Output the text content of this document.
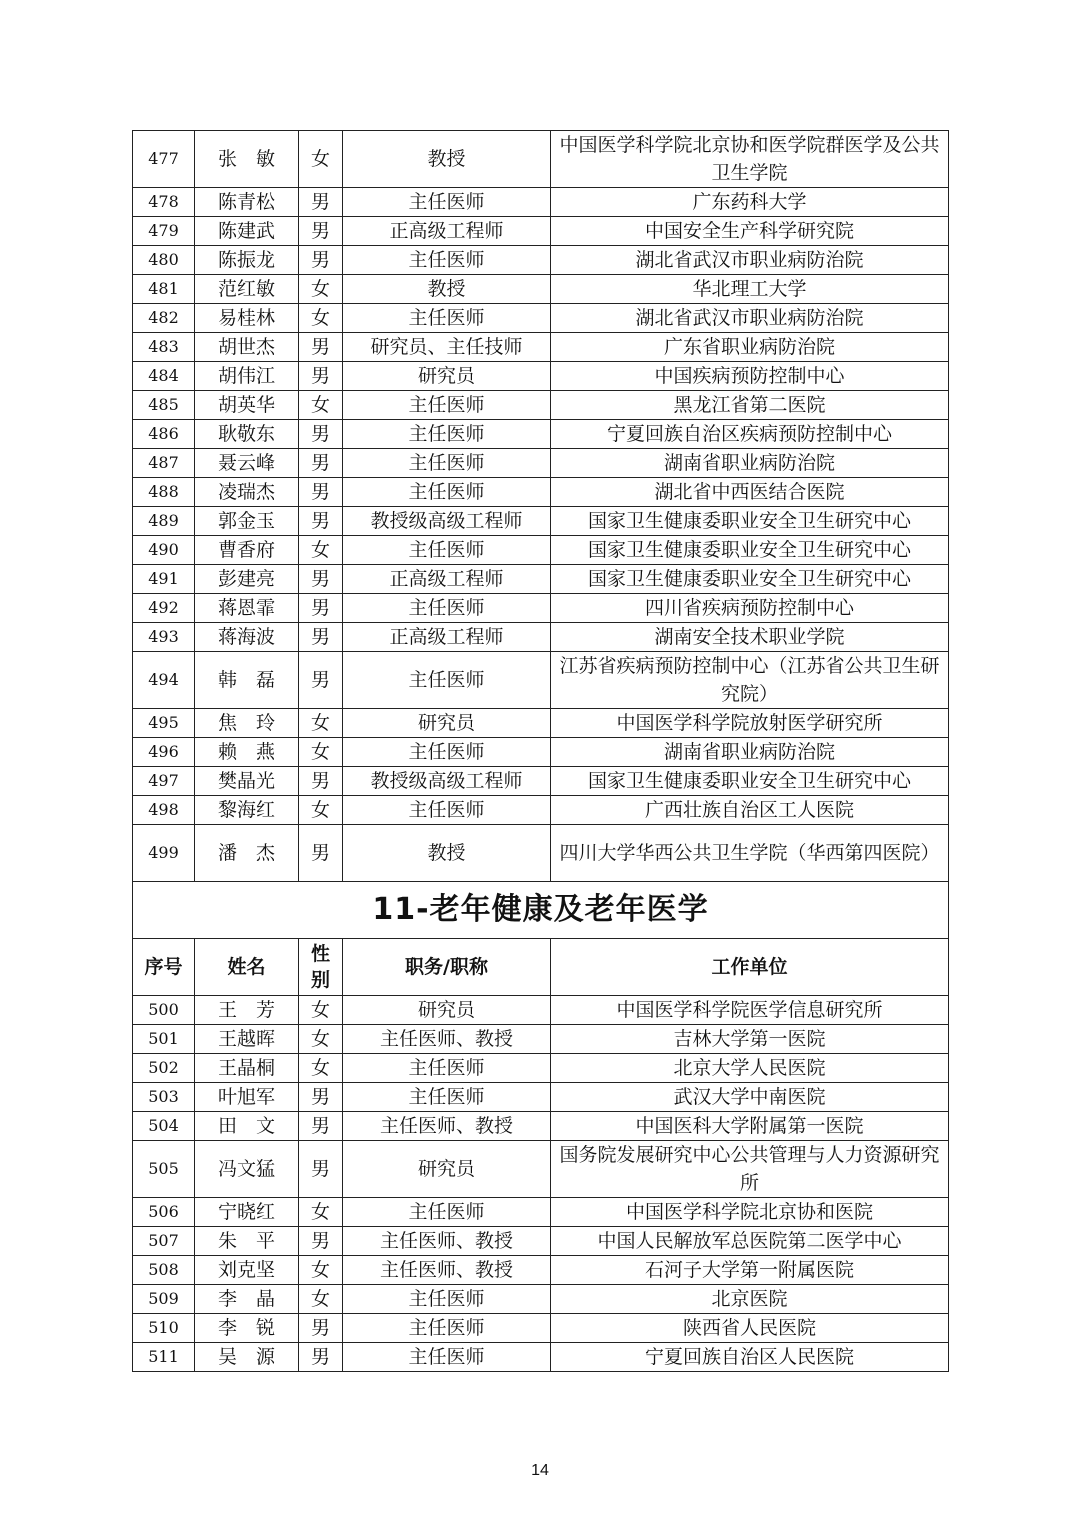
477	张　敏	女	教授	中国医学科学院北京协和医学院群医学及公共卫生学院
478	陈青松	男	主任医师	广东药科大学
479	陈建武	男	正高级工程师	中国安全生产科学研究院
480	陈振龙	男	主任医师	湖北省武汉市职业病防治院
481	范红敏	女	教授	华北理工大学
482	易桂林	女	主任医师	湖北省武汉市职业病防治院
483	胡世杰	男	研究员、主任技师	广东省职业病防治院
484	胡伟江	男	研究员	中国疾病预防控制中心
485	胡英华	女	主任医师	黑龙江省第二医院
486	耿敬东	男	主任医师	宁夏回族自治区疾病预防控制中心
487	聂云峰	男	主任医师	湖南省职业病防治院
488	凌瑞杰	男	主任医师	湖北省中西医结合医院
489	郭金玉	男	教授级高级工程师	国家卫生健康委职业安全卫生研究中心
490	曹香府	女	主任医师	国家卫生健康委职业安全卫生研究中心
491	彭建亮	男	正高级工程师	国家卫生健康委职业安全卫生研究中心
492	蒋恩霏	男	主任医师	四川省疾病预防控制中心
493	蒋海波	男	正高级工程师	湖南安全技术职业学院
494	韩　磊	男	主任医师	江苏省疾病预防控制中心（江苏省公共卫生研究院）
495	焦　玲	女	研究员	中国医学科学院放射医学研究所
496	赖　燕	女	主任医师	湖南省职业病防治院
497	樊晶光	男	教授级高级工程师	国家卫生健康委职业安全卫生研究中心
498	黎海红	女	主任医师	广西壮族自治区工人医院
499	潘　杰	男	教授	四川大学华西公共卫生学院（华西第四医院）
11-老年健康及老年医学				
序号	姓名	性别	职务/职称	工作单位
500	王　芳	女	研究员	中国医学科学院医学信息研究所
501	王越晖	女	主任医师、教授	吉林大学第一医院
502	王晶桐	女	主任医师	北京大学人民医院
503	叶旭军	男	主任医师	武汉大学中南医院
504	田　文	男	主任医师、教授	中国医科大学附属第一医院
505	冯文猛	男	研究员	国务院发展研究中心公共管理与人力资源研究所
506	宁晓红	女	主任医师	中国医学科学院北京协和医院
507	朱　平	男	主任医师、教授	中国人民解放军总医院第二医学中心
508	刘克坚	女	主任医师、教授	石河子大学第一附属医院
509	李　晶	女	主任医师	北京医院
510	李　锐	男	主任医师	陕西省人民医院
511	吴　源	男	主任医师	宁夏回族自治区人民医院
14
